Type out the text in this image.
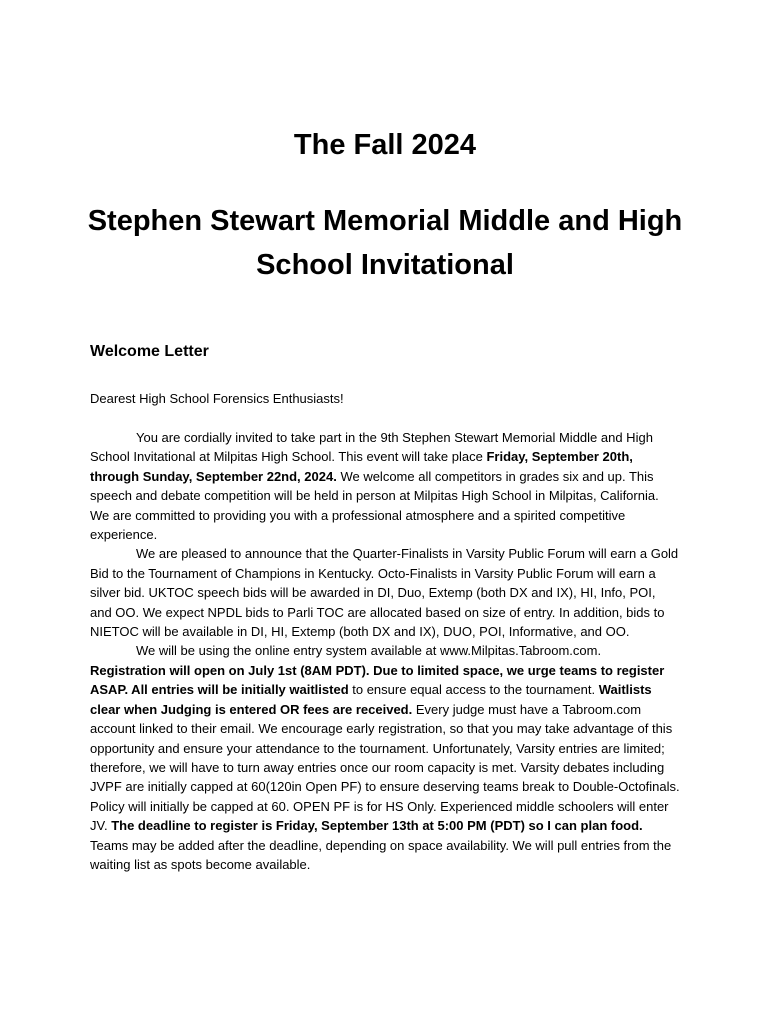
The Fall 2024
Stephen Stewart Memorial Middle and High School Invitational
Welcome Letter

Dearest High School Forensics Enthusiasts!

You are cordially invited to take part in the 9th Stephen Stewart Memorial Middle and High School Invitational at Milpitas High School. This event will take place Friday, September 20th, through Sunday, September 22nd, 2024. We welcome all competitors in grades six and up. This speech and debate competition will be held in person at Milpitas High School in Milpitas, California. We are committed to providing you with a professional atmosphere and a spirited competitive experience.

We are pleased to announce that the Quarter-Finalists in Varsity Public Forum will earn a Gold Bid to the Tournament of Champions in Kentucky. Octo-Finalists in Varsity Public Forum will earn a silver bid. UKTOC speech bids will be awarded in DI, Duo, Extemp (both DX and IX), HI, Info, POI, and OO. We expect NPDL bids to Parli TOC are allocated based on size of entry. In addition, bids to NIETOC will be available in DI, HI, Extemp (both DX and IX), DUO, POI, Informative, and OO.

We will be using the online entry system available at www.Milpitas.Tabroom.com. Registration will open on July 1st (8AM PDT). Due to limited space, we urge teams to register ASAP. All entries will be initially waitlisted to ensure equal access to the tournament. Waitlists clear when Judging is entered OR fees are received. Every judge must have a Tabroom.com account linked to their email. We encourage early registration, so that you may take advantage of this opportunity and ensure your attendance to the tournament. Unfortunately, Varsity entries are limited; therefore, we will have to turn away entries once our room capacity is met. Varsity debates including JVPF are initially capped at 60(120in Open PF) to ensure deserving teams break to Double-Octofinals. Policy will initially be capped at 60. OPEN PF is for HS Only. Experienced middle schoolers will enter JV. The deadline to register is Friday, September 13th at 5:00 PM (PDT) so I can plan food. Teams may be added after the deadline, depending on space availability. We will pull entries from the waiting list as spots become available.
